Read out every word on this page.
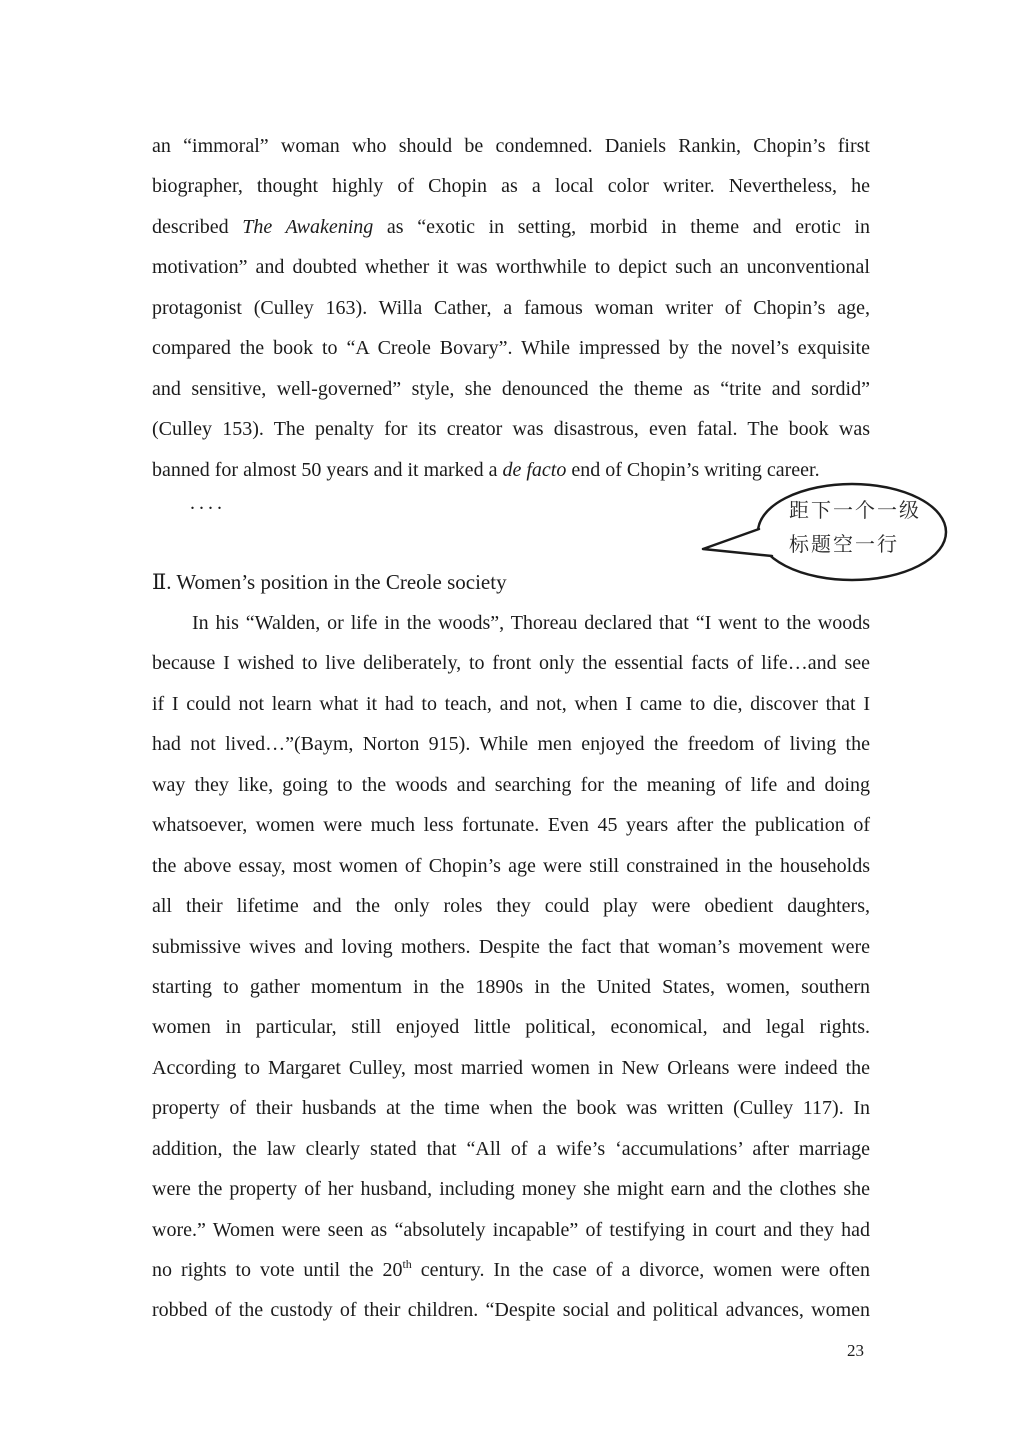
an “immoral” woman who should be condemned. Daniels Rankin, Chopin’s first
biographer, thought highly of Chopin as a local color writer. Nevertheless, he
described The Awakening as “exotic in setting, morbid in theme and erotic in
motivation” and doubted whether it was worthwhile to depict such an unconventional
protagonist (Culley 163). Willa Cather, a famous woman writer of Chopin’s age,
compared the book to “A Creole Bovary”. While impressed by the novel’s exquisite
and sensitive, well-governed” style, she denounced the theme as “trite and sordid”
(Culley 153). The penalty for its creator was disastrous, even fatal. The book was
banned for almost 50 years and it marked a de facto end of Chopin’s writing career.
....	距下一个一级
标题空一行
Ⅱ. Women’s position in the Creole society
In his “Walden, or life in the woods”, Thoreau declared that “I went to the woods
because I wished to live deliberately, to front only the essential facts of life…and see
if I could not learn what it had to teach, and not, when I came to die, discover that I
had not lived…”(Baym, Norton 915). While men enjoyed the freedom of living the
way they like, going to the woods and searching for the meaning of life and doing
whatsoever, women were much less fortunate. Even 45 years after the publication of
the above essay, most women of Chopin’s age were still constrained in the households
all their lifetime and the only roles they could play were obedient daughters,
submissive wives and loving mothers. Despite the fact that woman’s movement were
starting to gather momentum in the 1890s in the United States, women, southern
women in particular, still enjoyed little political, economical, and legal rights.
According to Margaret Culley, most married women in New Orleans were indeed the
property of their husbands at the time when the book was written (Culley 117). In
addition, the law clearly stated that “All of a wife’s ‘accumulations’ after marriage
were the property of her husband, including money she might earn and the clothes she
wore.” Women were seen as “absolutely incapable” of testifying in court and they had
no rights to vote until the 20th century. In the case of a divorce, women were often
robbed of the custody of their children. “Despite social and political advances, women
23
